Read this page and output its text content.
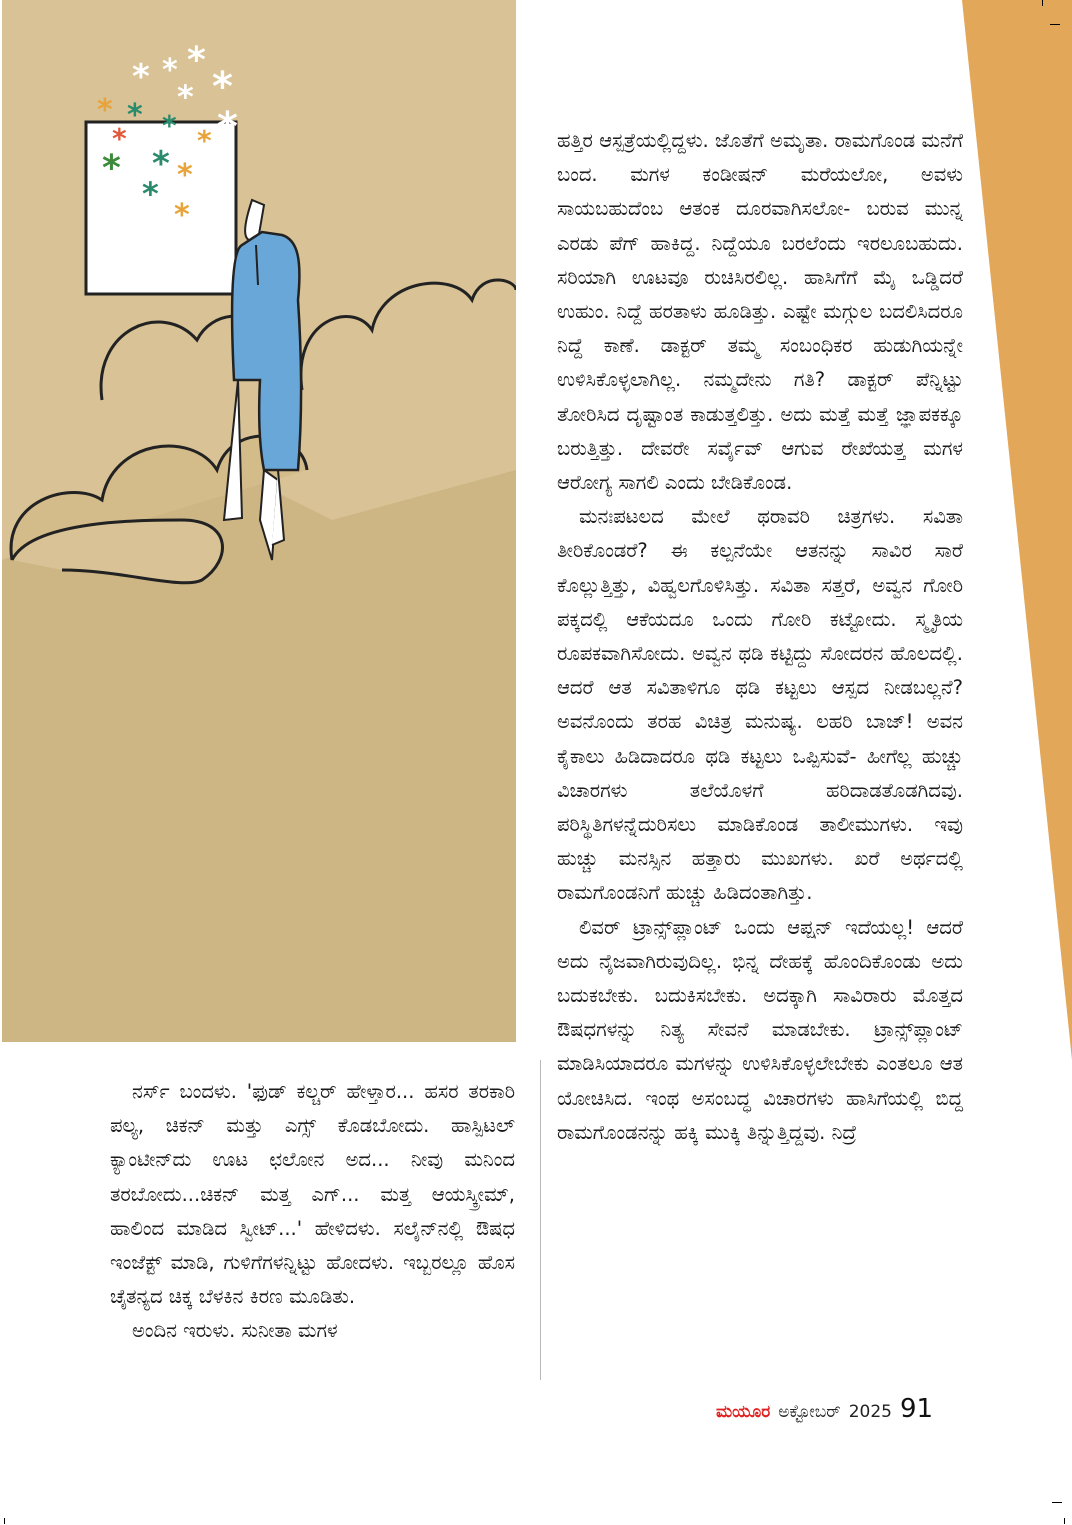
* * *
*
*
* *
* * *
* * *
*
*
*

ಹತ್ತಿರ ಆಸ್ಪತ್ರೆಯಲ್ಲಿದ್ದಳು. ಜೊತೆಗೆ ಅಮೃತಾ. ರಾಮಗೊಂಡ ಮನೆಗೆ ಬಂದ. ಮಗಳ ಕಂಡೀಷನ್ ಮರೆಯಲೋ, ಅವಳು ಸಾಯಬಹುದೆಂಬ ಆತಂಕ ದೂರವಾಗಿಸಲೋ- ಬರುವ ಮುನ್ನ ಎರಡು ಪೆಗ್ ಹಾಕಿದ್ದ. ನಿದ್ದೆಯೂ ಬರಲೆಂದು ಇರಲೂಬಹುದು. ಸರಿಯಾಗಿ ಊಟವೂ ರುಚಿಸಿರಲಿಲ್ಲ. ಹಾಸಿಗೆಗೆ ಮೈ ಒಡ್ಡಿದರೆ ಉಹುಂ. ನಿದ್ದೆ ಹರತಾಳು ಹೂಡಿತ್ತು. ಎಷ್ಟೇ ಮಗ್ಗುಲ ಬದಲಿಸಿದರೂ ನಿದ್ದೆ ಕಾಣೆ. ಡಾಕ್ಟರ್ ತಮ್ಮ ಸಂಬಂಧಿಕರ ಹುಡುಗಿಯನ್ನೇ ಉಳಿಸಿಕೊಳ್ಳಲಾಗಿಲ್ಲ. ನಮ್ಮದೇನು ಗತಿ? ಡಾಕ್ಟರ್ ಪೆನ್ನಿಟ್ಟು ತೋರಿಸಿದ ದೃಷ್ಟಾಂತ ಕಾಡುತ್ತಲಿತ್ತು. ಅದು ಮತ್ತೆ ಮತ್ತೆ ಜ್ಞಾಪಕಕ್ಕೂ ಬರುತ್ತಿತ್ತು. ದೇವರೇ ಸರ್ವೈವ್ ಆಗುವ ರೇಖೆಯತ್ತ ಮಗಳ ಆರೋಗ್ಯ ಸಾಗಲಿ ಎಂದು ಬೇಡಿಕೊಂಡ.

ಮನಃಪಟಲದ ಮೇಲೆ ಥರಾವರಿ ಚಿತ್ರಗಳು. ಸವಿತಾ ತೀರಿಕೊಂಡರೆ? ಈ ಕಲ್ಪನೆಯೇ ಆತನನ್ನು ಸಾವಿರ ಸಾರೆ ಕೊಲ್ಲುತ್ತಿತ್ತು, ವಿಹ್ವಲಗೊಳಿಸಿತ್ತು. ಸವಿತಾ ಸತ್ತರೆ, ಅವ್ವನ ಗೋರಿ ಪಕ್ಕದಲ್ಲಿ ಆಕೆಯದೂ ಒಂದು ಗೋರಿ ಕಟ್ಟೋದು. ಸ್ಮೃತಿಯ ರೂಪಕವಾಗಿಸೋದು. ಅವ್ವನ ಥಡಿ ಕಟ್ಟಿದ್ದು ಸೋದರನ ಹೊಲದಲ್ಲಿ. ಆದರೆ ಆತ ಸವಿತಾಳಿಗೂ ಥಡಿ ಕಟ್ಟಲು ಆಸ್ಪದ ನೀಡಬಲ್ಲನೆ? ಅವನೊಂದು ತರಹ ವಿಚಿತ್ರ ಮನುಷ್ಯ. ಲಹರಿ ಬಾಜ್! ಅವನ ಕೈಕಾಲು ಹಿಡಿದಾದರೂ ಥಡಿ ಕಟ್ಟಲು ಒಪ್ಪಿಸುವೆ- ಹೀಗೆಲ್ಲ ಹುಚ್ಚು ವಿಚಾರಗಳು ತಲೆಯೊಳಗೆ ಹರಿದಾಡತೊಡಗಿದವು. ಪರಿಸ್ಥಿತಿಗಳನ್ನೆದುರಿಸಲು ಮಾಡಿಕೊಂಡ ತಾಲೀಮುಗಳು. ಇವು ಹುಚ್ಚು ಮನಸ್ಸಿನ ಹತ್ತಾರು ಮುಖಗಳು. ಖರೆ ಅರ್ಥದಲ್ಲಿ ರಾಮಗೊಂಡನಿಗೆ ಹುಚ್ಚು ಹಿಡಿದಂತಾಗಿತ್ತು.

ಲಿವರ್ ಟ್ರಾನ್ಸ್‌ಪ್ಲಾಂಟ್ ಒಂದು ಆಪ್ಷನ್ ಇದೆಯಲ್ಲ! ಆದರೆ ಅದು ನೈಜವಾಗಿರುವುದಿಲ್ಲ. ಭಿನ್ನ ದೇಹಕ್ಕೆ ಹೊಂದಿಕೊಂಡು ಅದು ಬದುಕಬೇಕು. ಬದುಕಿಸಬೇಕು. ಅದಕ್ಕಾಗಿ ಸಾವಿರಾರು ಮೊತ್ತದ ಔಷಧಗಳನ್ನು ನಿತ್ಯ ಸೇವನೆ ಮಾಡಬೇಕು. ಟ್ರಾನ್ಸ್‌ಪ್ಲಾಂಟ್ ಮಾಡಿಸಿಯಾದರೂ ಮಗಳನ್ನು ಉಳಿಸಿಕೊಳ್ಳಲೇಬೇಕು ಎಂತಲೂ ಆತ ಯೋಚಿಸಿದ. ಇಂಥ ಅಸಂಬದ್ಧ ವಿಚಾರಗಳು ಹಾಸಿಗೆಯಲ್ಲಿ ಬಿದ್ದ ರಾಮಗೊಂಡನನ್ನು ಹಕ್ಕಿ ಮುಕ್ಕಿ ತಿನ್ನುತ್ತಿದ್ದವು. ನಿದ್ರೆ

ನರ್ಸ್ ಬಂದಳು. 'ಫುಡ್ ಕಲ್ಚರ್ ಹೇಳ್ತಾರ... ಹಸರ ತರಕಾರಿ ಪಲ್ಯ, ಚಿಕನ್ ಮತ್ತು ಎಗ್ಸ್ ಕೊಡಬೋದು. ಹಾಸ್ಪಿಟಲ್ ಕ್ಯಾಂಟೀನ್‌ದು ಊಟ ಛಲೋನ ಅದ... ನೀವು ಮನಿಂದ ತರಬೋದು...ಚಿಕನ್ ಮತ್ತ ಎಗ್... ಮತ್ತ ಆಯಸ್ಕ್ರೀಮ್, ಹಾಲಿಂದ ಮಾಡಿದ ಸ್ವೀಟ್...' ಹೇಳಿದಳು. ಸಲೈನ್‌ನಲ್ಲಿ ಔಷಧ ಇಂಜೆಕ್ಟ್ ಮಾಡಿ, ಗುಳಿಗೆಗಳನ್ನಿಟ್ಟು ಹೋದಳು. ಇಬ್ಬರಲ್ಲೂ ಹೊಸ ಚೈತನ್ಯದ ಚಿಕ್ಕ ಬೆಳಕಿನ ಕಿರಣ ಮೂಡಿತು.

ಅಂದಿನ ಇರುಳು. ಸುನೀತಾ ಮಗಳ

ಮಯೂರ ಅಕ್ಟೋಬರ್ 2025 91
